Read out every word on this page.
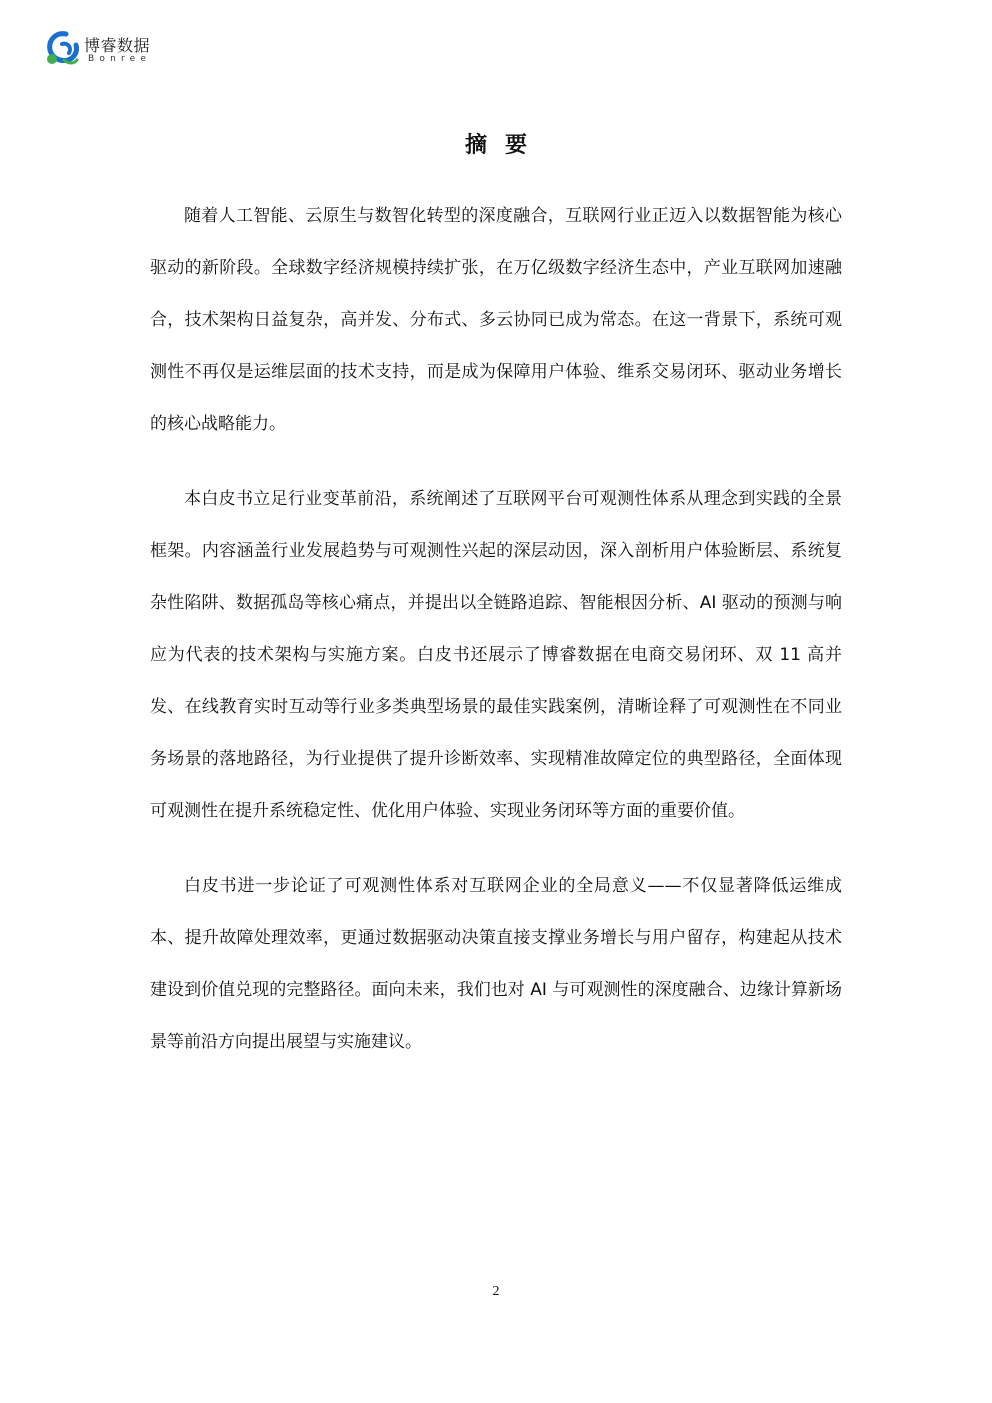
博睿数据
Bonree
摘要

随着人工智能、云原生与数智化转型的深度融合，互联网行业正迈入以数据智能为核心驱动的新阶段。全球数字经济规模持续扩张，在万亿级数字经济生态中，产业互联网加速融合，技术架构日益复杂，高并发、分布式、多云协同已成为常态。在这一背景下，系统可观测性不再仅是运维层面的技术支持，而是成为保障用户体验、维系交易闭环、驱动业务增长的核心战略能力。

本白皮书立足行业变革前沿，系统阐述了互联网平台可观测性体系从理念到实践的全景框架。内容涵盖行业发展趋势与可观测性兴起的深层动因，深入剖析用户体验断层、系统复杂性陷阱、数据孤岛等核心痛点，并提出以全链路追踪、智能根因分析、AI 驱动的预测与响应为代表的技术架构与实施方案。白皮书还展示了博睿数据在电商交易闭环、双 11 高并发、在线教育实时互动等行业多类典型场景的最佳实践案例，清晰诠释了可观测性在不同业务场景的落地路径，为行业提供了提升诊断效率、实现精准故障定位的典型路径，全面体现可观测性在提升系统稳定性、优化用户体验、实现业务闭环等方面的重要价值。

白皮书进一步论证了可观测性体系对互联网企业的全局意义——不仅显著降低运维成本、提升故障处理效率，更通过数据驱动决策直接支撑业务增长与用户留存，构建起从技术建设到价值兑现的完整路径。面向未来，我们也对 AI 与可观测性的深度融合、边缘计算新场景等前沿方向提出展望与实施建议。

2
